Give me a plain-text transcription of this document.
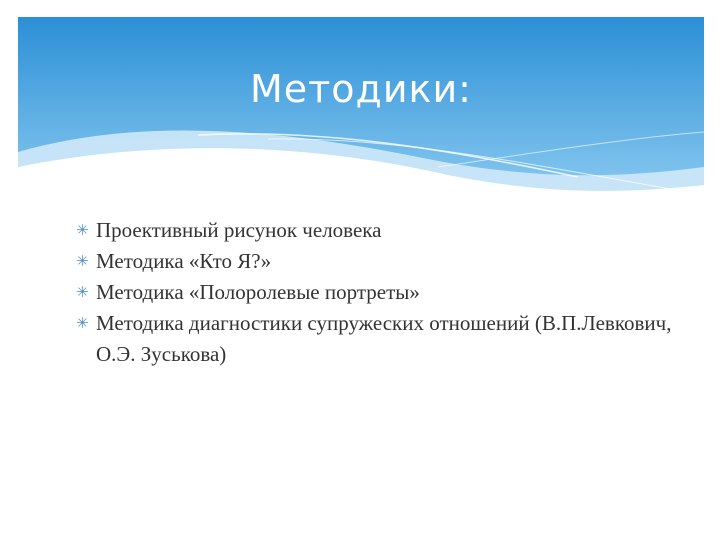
Методики:
✳ Проективный рисунок человека
✳ Методика «Кто Я?»
✳ Методика «Полоролевые портреты»
✳ Методика диагностики супружеских отношений (В.П.Левкович, О.Э. Зуськова)
